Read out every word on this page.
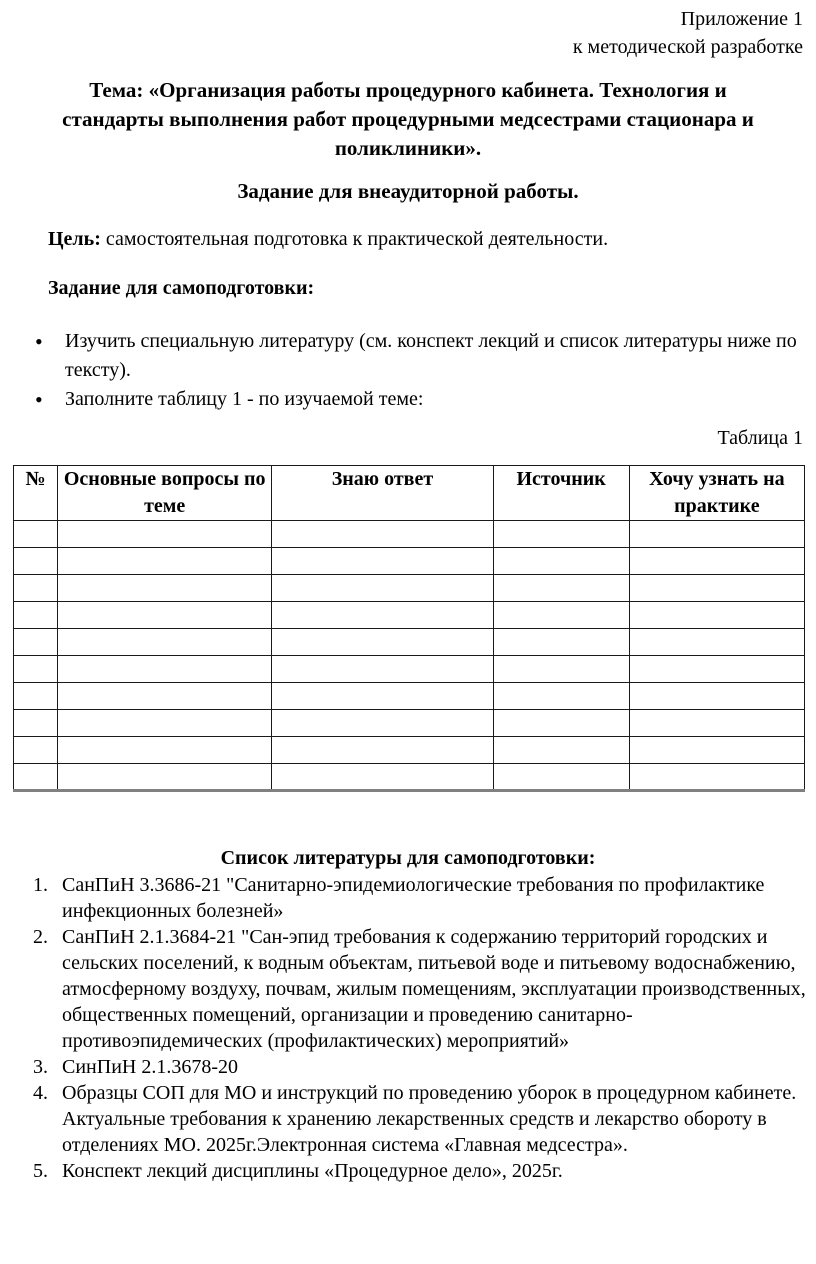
Приложение 1
к методической разработке
Тема: «Организация работы процедурного кабинета. Технология и стандарты выполнения работ процедурными медсестрами стационара и поликлиники».
Задание для внеаудиторной работы.

Цель: самостоятельная подготовка к практической деятельности.

Задание для самоподготовки:
• Изучить специальную литературу (см. конспект лекций и список литературы ниже по тексту).
• Заполните таблицу 1 - по изучаемой теме:
Таблица 1
№	Основные вопросы по теме	Знаю ответ	Источник	Хочу узнать на практике

Список литературы для самоподготовки:
СанПиН 3.3686-21 "Санитарно-эпидемиологические требования по профилактике инфекционных болезней»
СанПиН 2.1.3684-21 "Сан-эпид требования к содержанию территорий городских и сельских поселений, к водным объектам, питьевой воде и питьевому водоснабжению, атмосферному воздуху, почвам, жилым помещениям, эксплуатации производственных, общественных помещений, организации и проведению санитарно-противоэпидемических (профилактических) мероприятий»
СинПиН 2.1.3678-20
Образцы СОП для МО и инструкций по проведению уборок в процедурном кабинете. Актуальные требования к хранению лекарственных средств и лекарство обороту в отделениях МО. 2025г.Электронная система «Главная медсестра».
Конспект лекций дисциплины «Процедурное дело», 2025г.
